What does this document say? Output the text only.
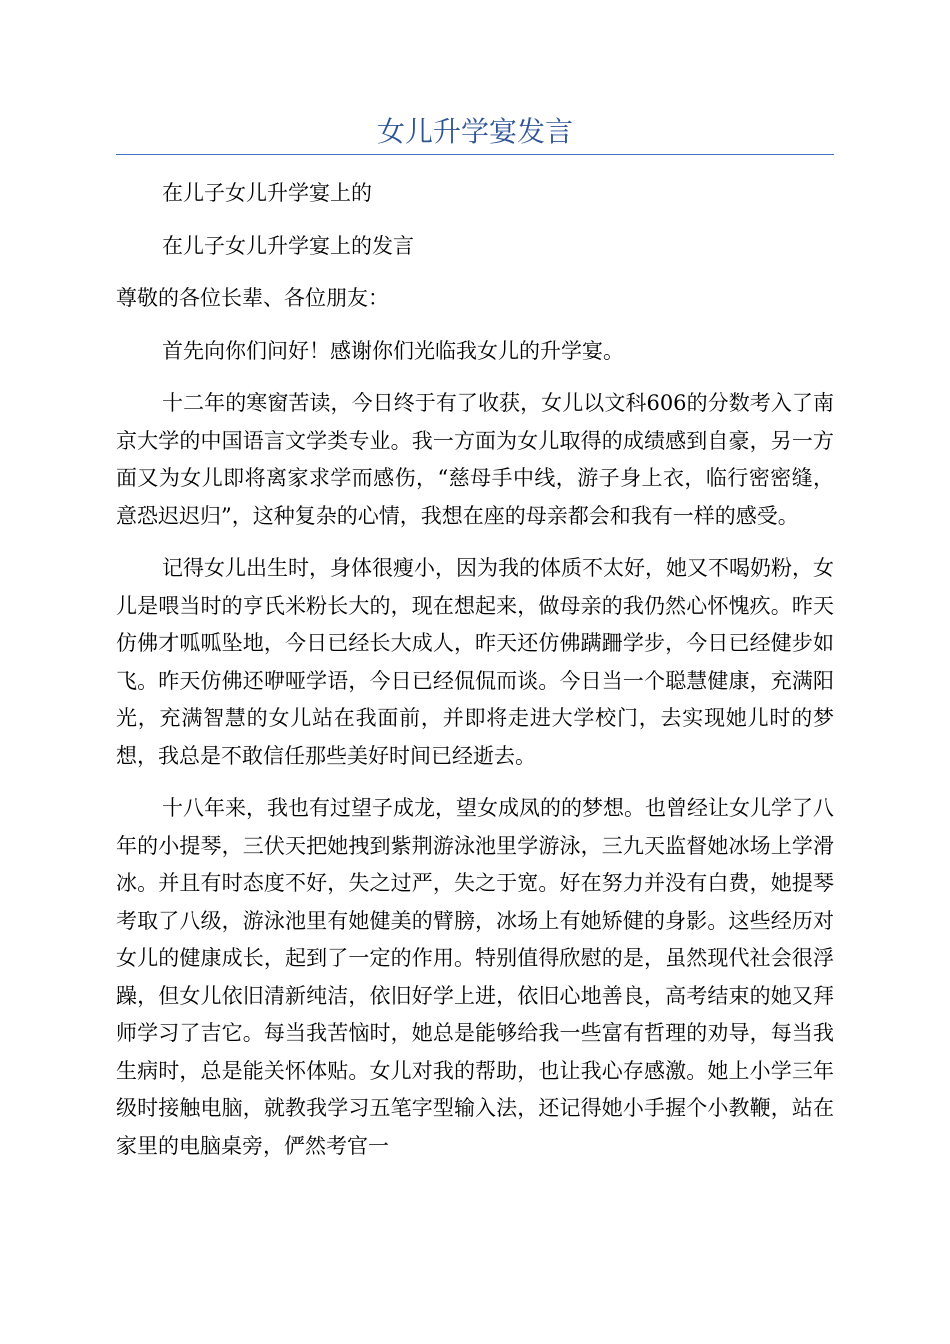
女儿升学宴发言

在儿子女儿升学宴上的

在儿子女儿升学宴上的发言

尊敬的各位长辈、各位朋友：

首先向你们问好！感谢你们光临我女儿的升学宴。

十二年的寒窗苦读，今日终于有了收获，女儿以文科606的分数考入了南京大学的中国语言文学类专业。我一方面为女儿取得的成绩感到自豪，另一方面又为女儿即将离家求学而感伤，“慈母手中线，游子身上衣，临行密密缝，意恐迟迟归”，这种复杂的心情，我想在座的母亲都会和我有一样的感受。

记得女儿出生时，身体很瘦小，因为我的体质不太好，她又不喝奶粉，女儿是喂当时的亨氏米粉长大的，现在想起来，做母亲的我仍然心怀愧疚。昨天仿佛才呱呱坠地，今日已经长大成人，昨天还仿佛蹒跚学步，今日已经健步如飞。昨天仿佛还咿哑学语，今日已经侃侃而谈。今日当一个聪慧健康，充满阳光，充满智慧的女儿站在我面前，并即将走进大学校门，去实现她儿时的梦想，我总是不敢信任那些美好时间已经逝去。

十八年来，我也有过望子成龙，望女成凤的的梦想。也曾经让女儿学了八年的小提琴，三伏天把她拽到紫荆游泳池里学游泳，三九天监督她冰场上学滑冰。并且有时态度不好，失之过严，失之于宽。好在努力并没有白费，她提琴考取了八级，游泳池里有她健美的臂膀，冰场上有她矫健的身影。这些经历对女儿的健康成长，起到了一定的作用。特别值得欣慰的是，虽然现代社会很浮躁，但女儿依旧清新纯洁，依旧好学上进，依旧心地善良，高考结束的她又拜师学习了吉它。每当我苦恼时，她总是能够给我一些富有哲理的劝导，每当我生病时，总是能关怀体贴。女儿对我的帮助，也让我心存感激。她上小学三年级时接触电脑，就教我学习五笔字型输入法，还记得她小手握个小教鞭，站在家里的电脑桌旁，俨然考官一
